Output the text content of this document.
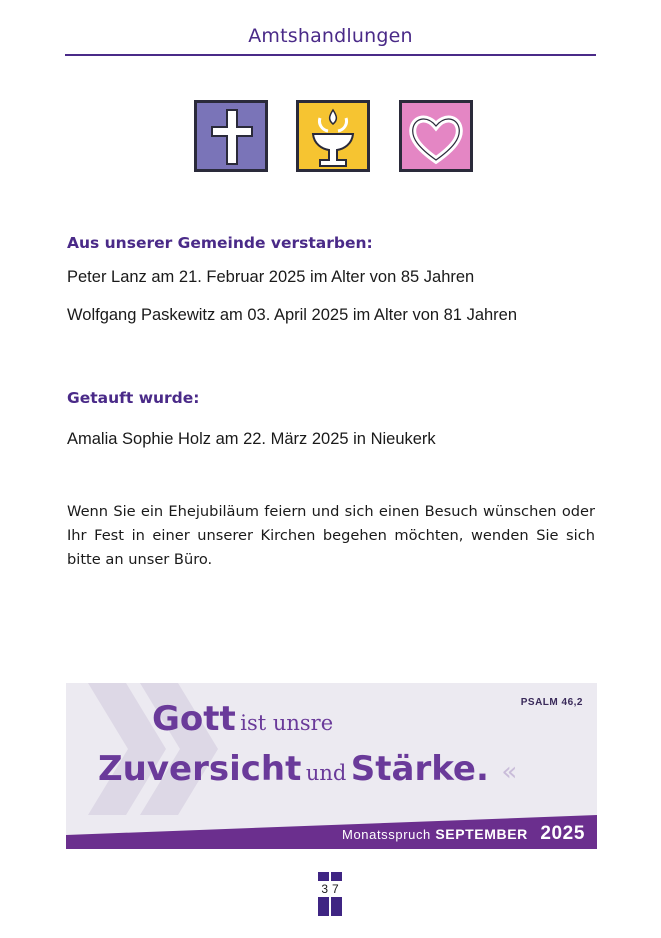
Amtshandlungen
Aus unserer Gemeinde verstarben:
Peter Lanz am 21. Februar 2025 im Alter von 85 Jahren
Wolfgang Paskewitz am 03. April 2025 im Alter von 81 Jahren
Getauft wurde:
Amalia Sophie Holz am 22. März 2025 in Nieukerk
Wenn Sie ein Ehejubiläum feiern und sich einen Besuch wünschen oder Ihr Fest in einer unserer Kirchen begehen möchten, wenden Sie sich bitte an unser Büro.
PSALM 46,2
Gott ist unsre
Zuversicht und Stärke. «
Monatsspruch SEPTEMBER 2025
3 7
